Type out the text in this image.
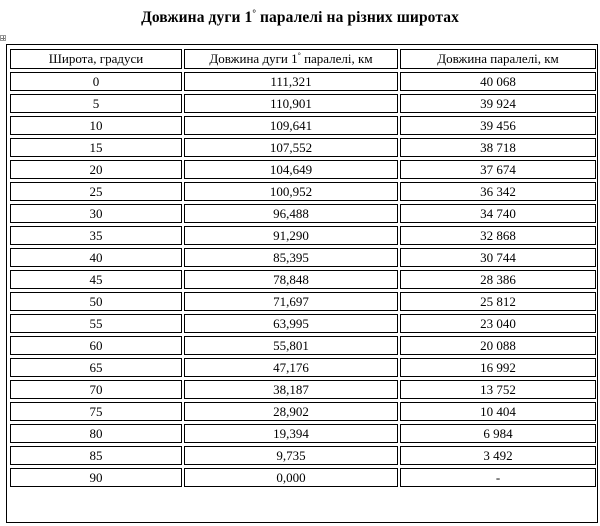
Довжина дуги 1° паралелі на різних широтах
Широта, градуси	Довжина дуги 1° паралелі, км	Довжина паралелі, км
0	111,321	40 068
5	110,901	39 924
10	109,641	39 456
15	107,552	38 718
20	104,649	37 674
25	100,952	36 342
30	96,488	34 740
35	91,290	32 868
40	85,395	30 744
45	78,848	28 386
50	71,697	25 812
55	63,995	23 040
60	55,801	20 088
65	47,176	16 992
70	38,187	13 752
75	28,902	10 404
80	19,394	6 984
85	9,735	3 492
90	0,000	-
